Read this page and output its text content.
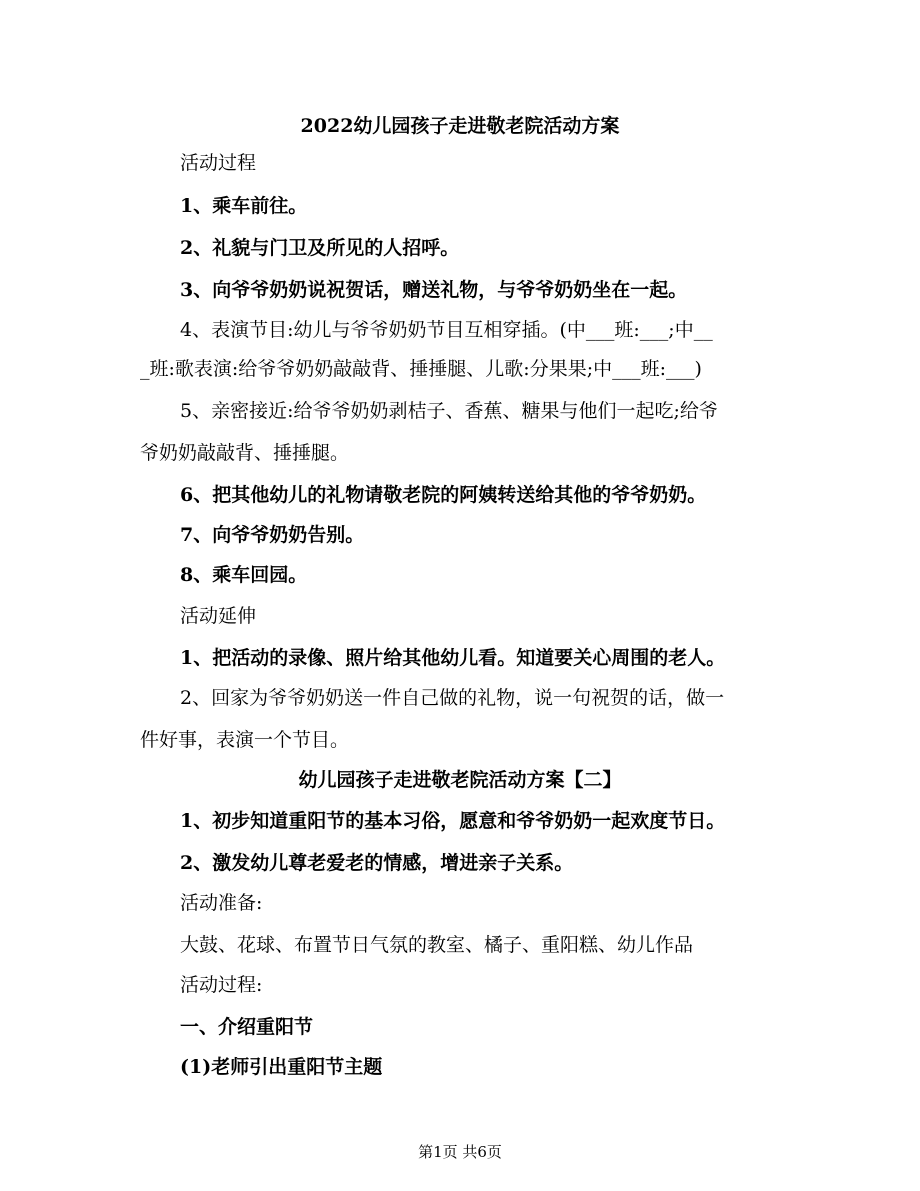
2022幼儿园孩子走进敬老院活动方案
活动过程
1、乘车前往。
2、礼貌与门卫及所见的人招呼。
3、向爷爷奶奶说祝贺话，赠送礼物，与爷爷奶奶坐在一起。
4、表演节目:幼儿与爷爷奶奶节目互相穿插。(中___班:___;中__
_班:歌表演:给爷爷奶奶敲敲背、捶捶腿、儿歌:分果果;中___班:___)
5、亲密接近:给爷爷奶奶剥桔子、香蕉、糖果与他们一起吃;给爷
爷奶奶敲敲背、捶捶腿。
6、把其他幼儿的礼物请敬老院的阿姨转送给其他的爷爷奶奶。
7、向爷爷奶奶告别。
8、乘车回园。
活动延伸
1、把活动的录像、照片给其他幼儿看。知道要关心周围的老人。
2、回家为爷爷奶奶送一件自己做的礼物，说一句祝贺的话，做一
件好事，表演一个节目。
幼儿园孩子走进敬老院活动方案【二】
1、初步知道重阳节的基本习俗，愿意和爷爷奶奶一起欢度节日。
2、激发幼儿尊老爱老的情感，增进亲子关系。
活动准备:
大鼓、花球、布置节日气氛的教室、橘子、重阳糕、幼儿作品
活动过程:
一、介绍重阳节
(1)老师引出重阳节主题
第1页 共6页
